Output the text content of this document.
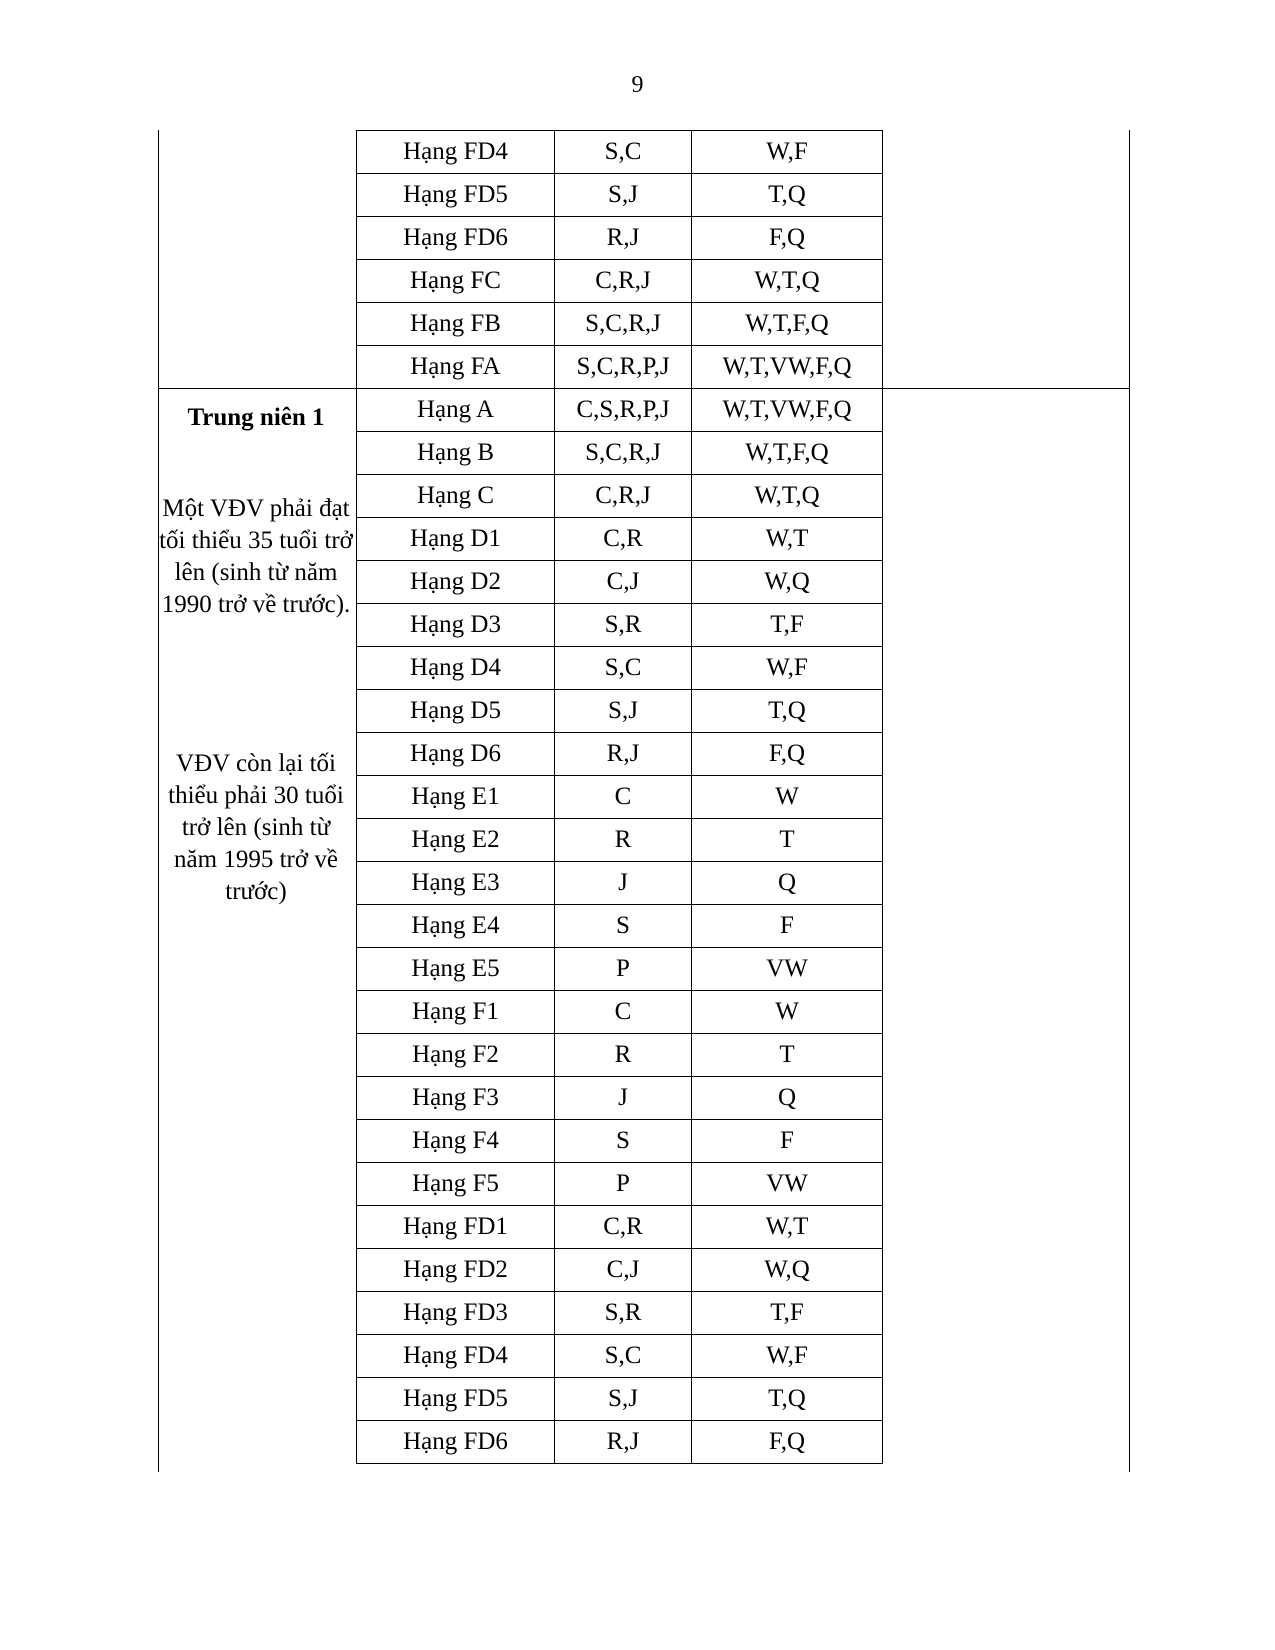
9
Trung niên 1
Một VĐV phải đạt tối thiểu 35 tuổi trở lên (sinh từ năm 1990 trở về trước).
VĐV còn lại tối thiểu phải 30 tuổi trở lên (sinh từ năm 1995 trở về trước)
Hạng FD4	S,C	W,F
Hạng FD5	S,J	T,Q
Hạng FD6	R,J	F,Q
Hạng FC	C,R,J	W,T,Q
Hạng FB	S,C,R,J	W,T,F,Q
Hạng FA	S,C,R,P,J	W,T,VW,F,Q
Hạng A	C,S,R,P,J	W,T,VW,F,Q
Hạng B	S,C,R,J	W,T,F,Q
Hạng C	C,R,J	W,T,Q
Hạng D1	C,R	W,T
Hạng D2	C,J	W,Q
Hạng D3	S,R	T,F
Hạng D4	S,C	W,F
Hạng D5	S,J	T,Q
Hạng D6	R,J	F,Q
Hạng E1	C	W
Hạng E2	R	T
Hạng E3	J	Q
Hạng E4	S	F
Hạng E5	P	VW
Hạng F1	C	W
Hạng F2	R	T
Hạng F3	J	Q
Hạng F4	S	F
Hạng F5	P	VW
Hạng FD1	C,R	W,T
Hạng FD2	C,J	W,Q
Hạng FD3	S,R	T,F
Hạng FD4	S,C	W,F
Hạng FD5	S,J	T,Q
Hạng FD6	R,J	F,Q
